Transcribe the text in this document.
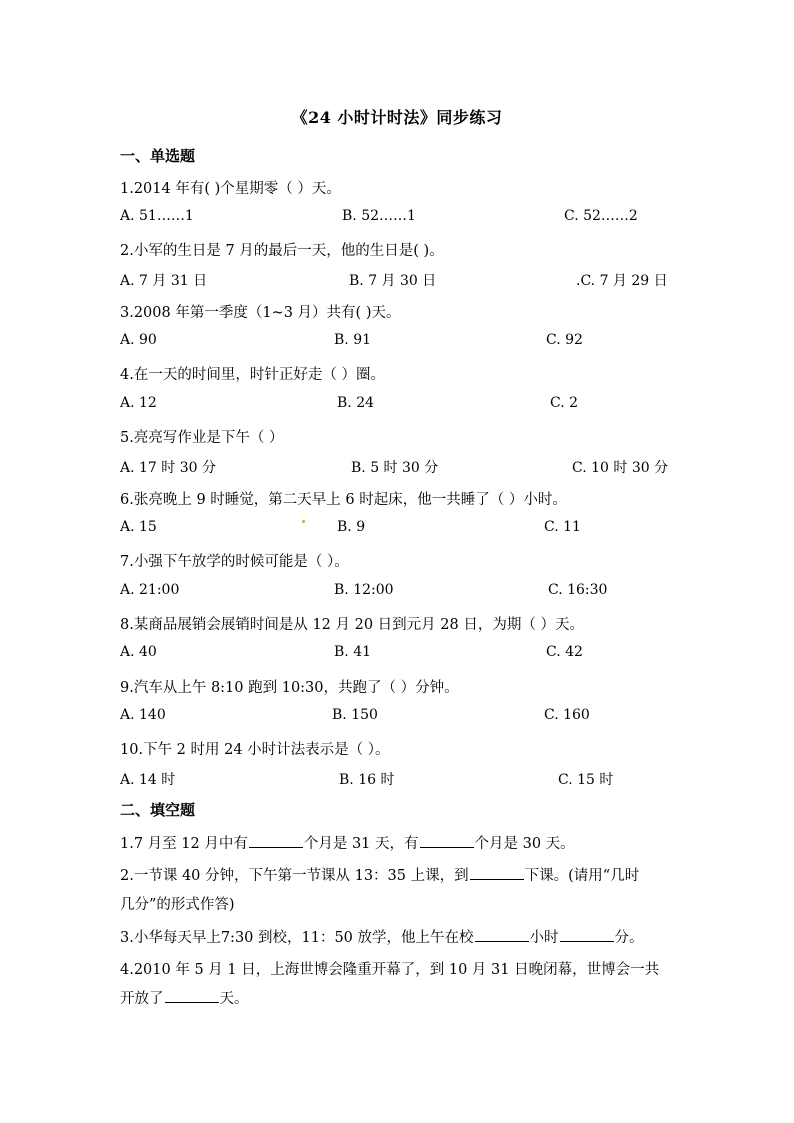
《24 小时计时法》同步练习
一、单选题
1.2014 年有( )个星期零（ ）天。
A. 51……1	B. 52……1	C. 52……2
2.小军的生日是 7 月的最后一天，他的生日是( )。
A. 7 月 31 日	B. 7 月 30 日	.C. 7 月 29 日
3.2008 年第一季度（1~3 月）共有( )天。
A. 90	B. 91	C. 92
4.在一天的时间里，时针正好走（ ）圈。
A. 12	B. 24	C. 2
5.亮亮写作业是下午（ ）
A. 17 时 30 分	B. 5 时 30 分	C. 10 时 30 分
6.张亮晚上 9 时睡觉，第二天早上 6 时起床，他一共睡了（ ）小时。
A. 15	B. 9	C. 11
7.小强下午放学的时候可能是（ ）。
A. 21:00	B. 12:00	C. 16:30
8.某商品展销会展销时间是从 12 月 20 日到元月 28 日，为期（ ）天。
A. 40	B. 41	C. 42
9.汽车从上午 8:10 跑到 10:30，共跑了（ ）分钟。
A. 140	B. 150	C. 160
10.下午 2 时用 24 小时计法表示是（ ）。
A. 14 时	B. 16 时	C. 15 时
二、填空题
1.7 月至 12 月中有	个月是 31 天，有	个月是 30 天。
2.一节课 40 分钟，下午第一节课从 13：35 上课，到	下课。(请用“几时
几分”的形式作答)
3.小华每天早上7:30 到校，11：50 放学，他上午在校	小时	分。
4.2010 年 5 月 1 日，上海世博会隆重开幕了，到 10 月 31 日晚闭幕，世博会一共
开放了	天。
